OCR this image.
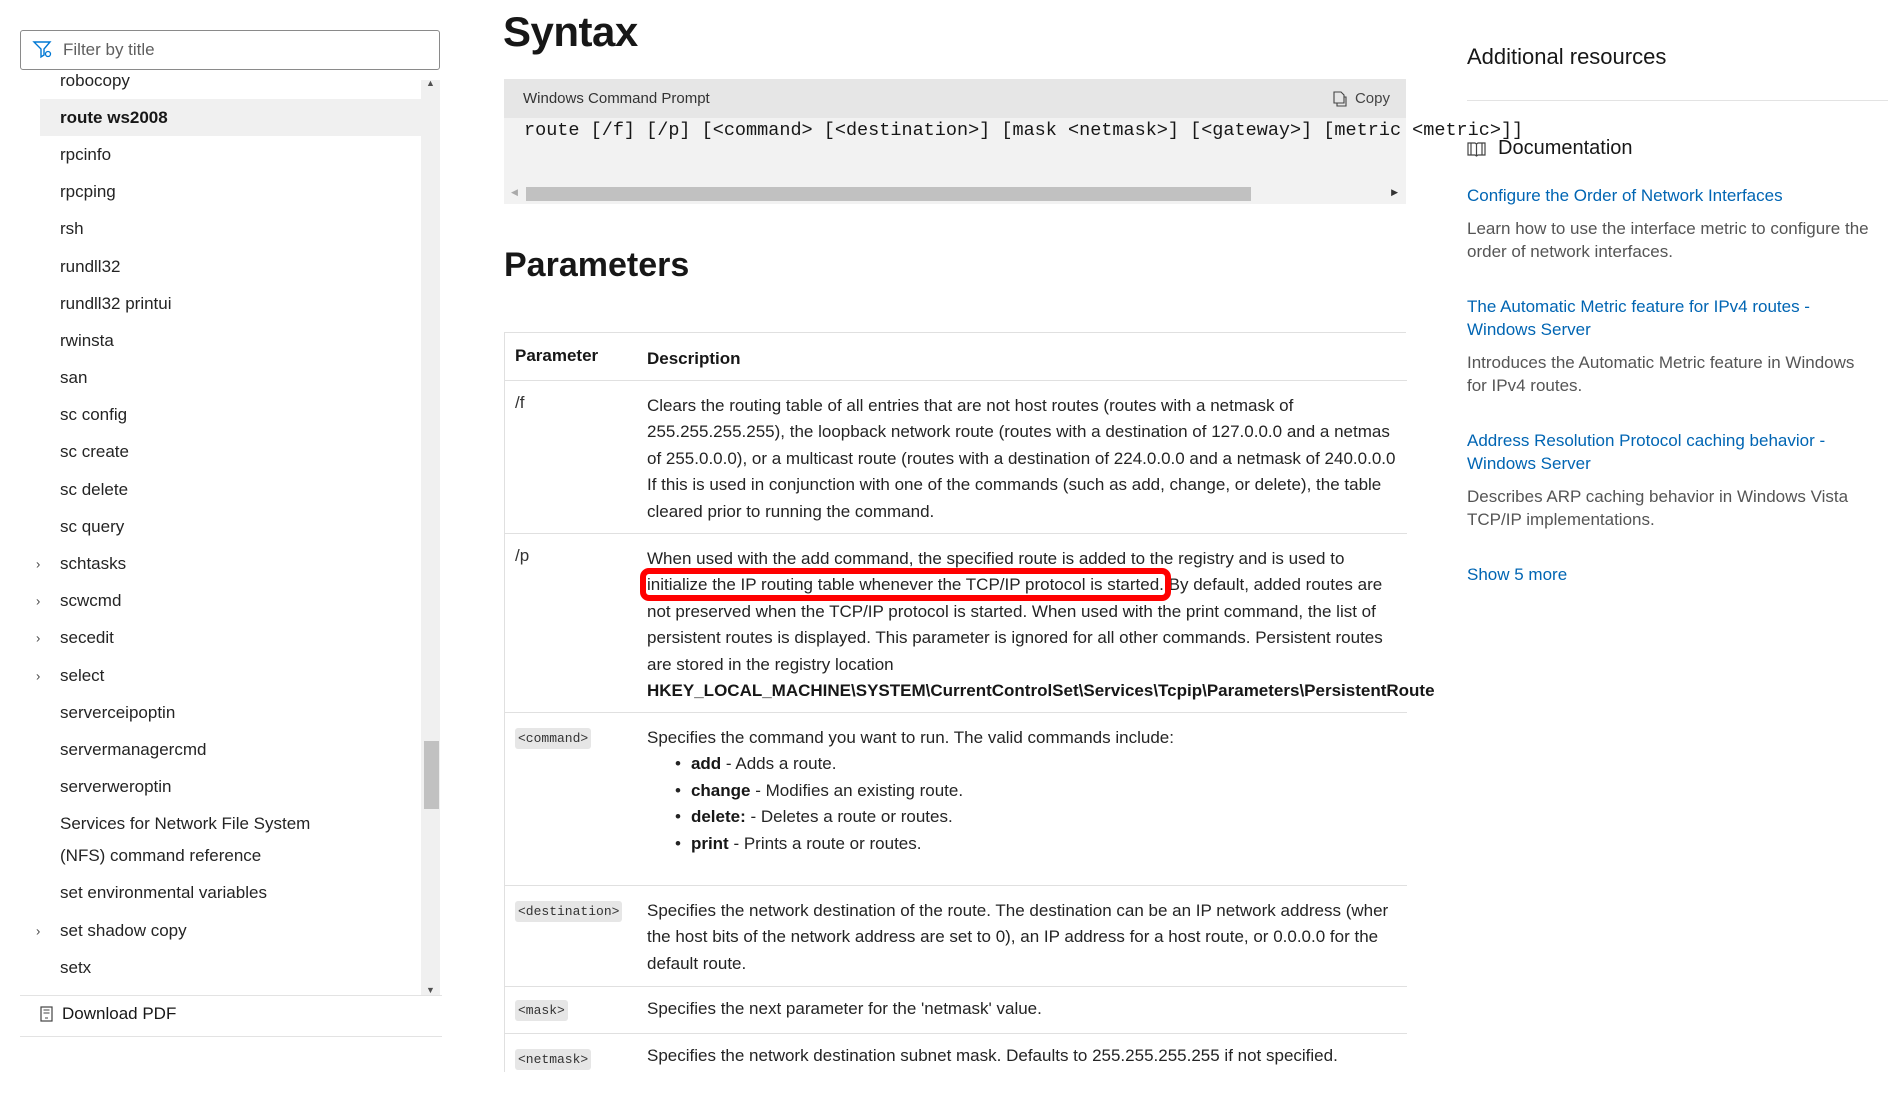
Filter by title
robocopy
route ws2008
rpcinfo
rpcping
rsh
rundll32
rundll32 printui
rwinsta
san
sc config
sc create
sc delete
sc query
› schtasks
› scwcmd
› secedit
› select
serverceipoptin
servermanagercmd
serverweroptin
Services for Network File System (NFS) command reference
set environmental variables
› set shadow copy
setx
▲
▼
Download PDF
Syntax
Windows Command Prompt	Copy
route [/f] [/p] [<command> [<destination>] [mask <netmask>] [<gateway>] [metric <metric>]]
◀	▶
Parameters
Parameter	Description
/f	Clears the routing table of all entries that are not host routes (routes with a netmask of
255.255.255.255), the loopback network route (routes with a destination of 127.0.0.0 and a netmas
of 255.0.0.0), or a multicast route (routes with a destination of 224.0.0.0 and a netmask of 240.0.0.0
If this is used in conjunction with one of the commands (such as add, change, or delete), the table
cleared prior to running the command.
/p	When used with the add command, the specified route is added to the registry and is used to
initialize the IP routing table whenever the TCP/IP protocol is started. By default, added routes are
not preserved when the TCP/IP protocol is started. When used with the print command, the list of
persistent routes is displayed. This parameter is ignored for all other commands. Persistent routes
are stored in the registry location
HKEY_LOCAL_MACHINE\SYSTEM\CurrentControlSet\Services\Tcpip\Parameters\PersistentRoute
<command>	Specifies the command you want to run. The valid commands include:
• add - Adds a route.
• change - Modifies an existing route.
• delete: - Deletes a route or routes.
• print - Prints a route or routes.
<destination> Specifies the network destination of the route. The destination can be an IP network address (wher
the host bits of the network address are set to 0), an IP address for a host route, or 0.0.0.0 for the
default route.
<mask>	Specifies the next parameter for the 'netmask' value.
<netmask>	Specifies the network destination subnet mask. Defaults to 255.255.255.255 if not specified.
Additional resources
Documentation
Configure the Order of Network Interfaces
Learn how to use the interface metric to configure the order of network interfaces.
The Automatic Metric feature for IPv4 routes - Windows Server
Introduces the Automatic Metric feature in Windows for IPv4 routes.
Address Resolution Protocol caching behavior - Windows Server
Describes ARP caching behavior in Windows Vista TCP/IP implementations.
Show 5 more
